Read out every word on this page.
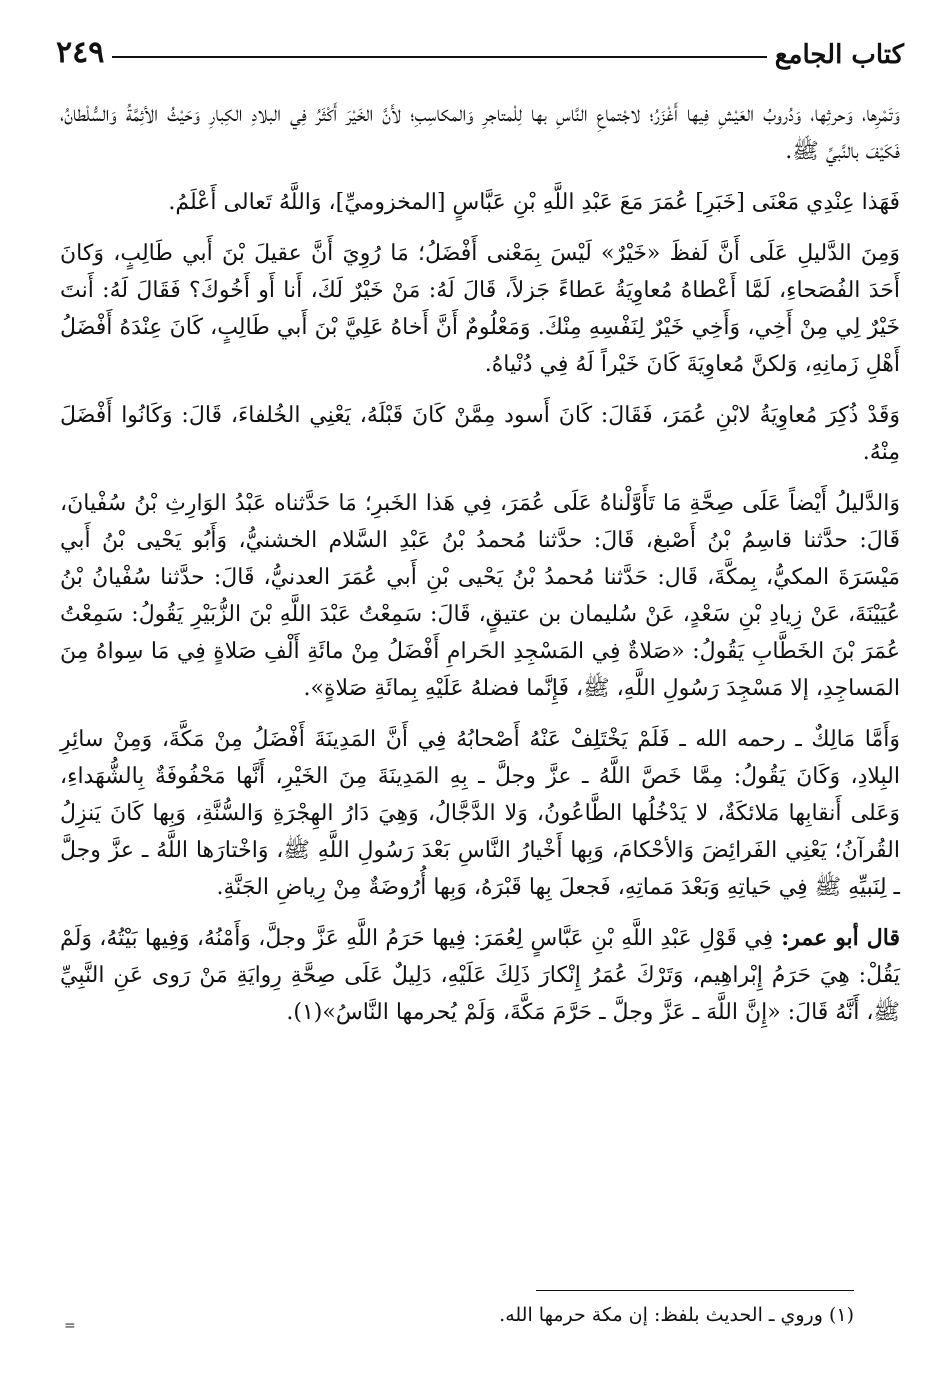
كتاب الجامع
٢٤٩

وَتَمْرِها، وَحرثِها، وَدُروبُ العَيْشِ فِيها أَغْزَرُ؛ لاجْتماعِ النَّاسِ بها لِلْمتاجرِ وَالمكاسِبِ؛ لأَنَّ الخَيْرَ أَكْثَرُ فِي البلادِ الكِبارِ وَحَيْثُ الأئِمَّةُ وَالسُّلْطانُ، فَكَيْفَ بالنَّبيِّ ﷺ.

فَهَذا عِنْدِي مَعْنَى [خَبَرِ] عُمَرَ مَعَ عَبْدِ اللَّهِ بْنِ عَبَّاسٍ [المخزوميِّ]، وَاللَّهُ تَعالى أَعْلَمُ.

وَمِنَ الدَّليلِ عَلَى أَنَّ لَفظَ «خَيْرٌ» لَيْسَ بِمَعْنى أَفْضَلُ؛ مَا رُوِيَ أَنَّ عقيلَ بْنَ أَبي طَالِبٍ، وَكانَ أَحَدَ الفُصَحاءِ، لَمَّا أَعْطاهُ مُعاوِيَةُ عَطاءً جَزلاً، قَالَ لَهُ: مَنْ خَيْرٌ لَكَ، أَنا أَو أَخُوكَ؟ فَقَالَ لَهُ: أَنتَ خَيْرٌ لِي مِنْ أَخِي، وَأَخِي خَيْرٌ لِنَفْسِهِ مِنْكَ. وَمَعْلُومٌ أَنَّ أَخاهُ عَلِيَّ بْنَ أَبي طَالِبٍ، كَانَ عِنْدَهُ أَفْضَلُ أَهْلِ زَمانِهِ، وَلكنَّ مُعاوِيَةَ كَانَ خَيْراً لَهُ فِي دُنْياهُ.

وَقَدْ ذُكِرَ مُعاوِيَةُ لابْنِ عُمَرَ، فَقَالَ: كَانَ أَسود مِمَّنْ كَانَ قَبْلَهُ، يَعْنِي الخُلفاءَ، قَالَ: وَكَانُوا أَفْضَلَ مِنْهُ.

وَالدَّليلُ أَيْضاً عَلَى صِحَّةِ مَا تَأَوَّلْناهُ عَلَى عُمَرَ، فِي هَذا الخَبرِ؛ مَا حَدَّثناه عَبْدُ الوَارِثِ بْنُ سُفْيانَ، قَالَ: حدَّثنا قاسِمُ بْنُ أَصْبغ، قَالَ: حدَّثنا مُحمدُ بْنُ عَبْدِ السَّلام الخشنيُّ، وَأَبُو يَحْيى بْنُ أَبي مَيْسَرَةَ المكيُّ، بِمكَّةَ، قَال: حَدَّثنا مُحمدُ بْنُ يَحْيى بْنِ أَبي عُمَرَ العدنيُّ، قَالَ: حدَّثنا سُفْيانُ بْنُ عُيَيْنَةَ، عَنْ زِيادِ بْنِ سَعْدٍ، عَنْ سُليمان بن عتيقٍ، قَالَ: سَمِعْتُ عَبْدَ اللَّهِ بْنَ الزُّبَيْرِ يَقُولُ: سَمِعْتُ عُمَرَ بْنَ الخَطَّابِ يَقُولُ: «صَلاةٌ فِي المَسْجِدِ الحَرامِ أَفْضَلُ مِنْ مائَةِ أَلْفِ صَلاةٍ فِي مَا سِواهُ مِنَ المَساجِدِ، إلا مَسْجِدَ رَسُولِ اللَّهِ، ﷺ، فَإِنَّما فضلهُ عَلَيْهِ بِمائَةِ صَلاةٍ».

وَأَمَّا مَالِكٌ ـ رحمه الله ـ فَلَمْ يَخْتَلِفْ عَنْهُ أَصْحابُهُ فِي أَنَّ المَدِينَةَ أَفْضَلُ مِنْ مَكَّةَ، وَمِنْ سائِرِ البِلادِ، وَكَانَ يَقُولُ: مِمَّا خَصَّ اللَّهُ ـ عزَّ وجلَّ ـ بِهِ المَدِينَةَ مِنَ الخَيْرِ، أَنَّها مَحْفُوفَةٌ بِالشُّهَداءِ، وَعَلى أَنقابِها مَلائكَةٌ، لا يَدْخُلُها الطَّاعُونُ، وَلا الدَّجَّالُ، وَهِيَ دَارُ الهِجْرَةِ وَالسُّنَّةِ، وَبِها كَانَ يَنزِلُ القُرآنُ؛ يَعْنِي الفَرائِضَ وَالأحْكامَ، وَبِها أَخْيارُ النَّاسِ بَعْدَ رَسُولِ اللَّهِ ﷺ، وَاخْتارَها اللَّهُ ـ عزَّ وجلَّ ـ لِنَبيِّهِ ﷺ فِي حَياتِهِ وَبَعْدَ مَماتِهِ، فَجعلَ بِها قَبْرَهُ، وَبِها أُرُوضَةٌ مِنْ رِياضِ الجَنَّةِ.

قال أبو عمر: فِي قَوْلِ عَبْدِ اللَّهِ بْنِ عَبَّاسٍ لِعُمَرَ: فِيها حَرَمُ اللَّهِ عَزَّ وجلَّ، وَأَمْنُهُ، وَفِيها بَيْتُهُ، وَلَمْ يَقُلْ: هِيَ حَرَمُ إِبْراهِيم، وَتَرْكَ عُمَرُ إِنْكارَ ذَلِكَ عَلَيْهِ، دَلِيلٌ عَلَى صِحَّةِ رِوايَةِ مَنْ رَوى عَنِ النَّبِيِّ ﷺ، أَنَّهُ قَالَ: «إِنَّ اللَّهَ ـ عَزَّ وجلَّ ـ حَرَّمَ مَكَّةَ، وَلَمْ يُحرمها النَّاسُ»(١).

(١) وروي ـ الحديث بلفظ: إن مكة حرمها الله.
=
